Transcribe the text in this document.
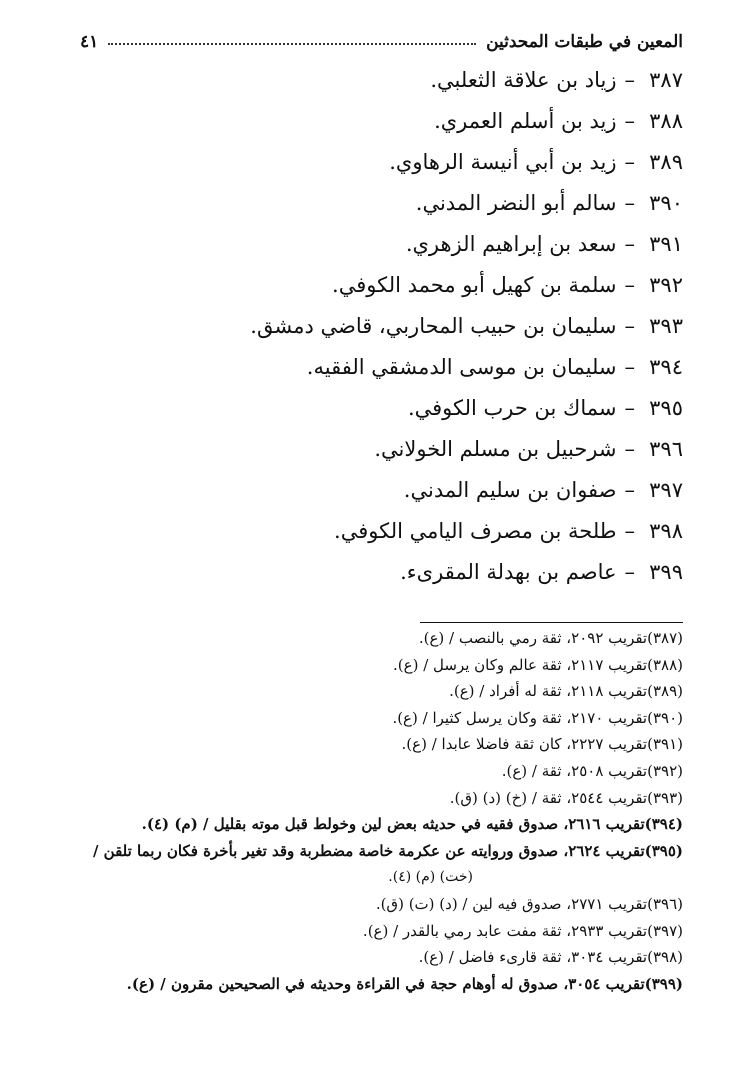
المعين في طبقات المحدثين
٤١
٣٨٧
–
زياد بن علاقة الثعلبي.
٣٨٨
–
زيد بن أسلم العمري.
٣٨٩
–
زيد بن أبي أنيسة الرهاوي.
٣٩٠
–
سالم أبو النضر المدني.
٣٩١
–
سعد بن إبراهيم الزهري.
٣٩٢
–
سلمة بن كهيل أبو محمد الكوفي.
٣٩٣
–
سليمان بن حبيب المحاربي، قاضي دمشق.
٣٩٤
–
سليمان بن موسى الدمشقي الفقيه.
٣٩٥
–
سماك بن حرب الكوفي.
٣٩٦
–
شرحبيل بن مسلم الخولاني.
٣٩٧
–
صفوان بن سليم المدني.
٣٩٨
–
طلحة بن مصرف اليامي الكوفي.
٣٩٩
–
عاصم بن بهدلة المقرىء.
(٣٨٧)تقريب ٢٠٩٢، ثقة رمي بالنصب / (ع).
(٣٨٨)تقريب ٢١١٧، ثقة عالم وكان يرسل / (ع).
(٣٨٩)تقريب ٢١١٨، ثقة له أفراد / (ع).
(٣٩٠)تقريب ٢١٧٠، ثقة وكان يرسل كثيرا / (ع).
(٣٩١)تقريب ٢٢٢٧، كان ثقة فاضلا عابدا / (ع).
(٣٩٢)تقريب ٢٥٠٨، ثقة / (ع).
(٣٩٣)تقريب ٢٥٤٤، ثقة / (خ) (د) (ق).
(٣٩٤)تقريب ٢٦١٦، صدوق فقيه في حديثه بعض لين وخولط قبل موته بقليل / (م) (٤).
(٣٩٥)تقريب ٢٦٢٤، صدوق وروايته عن عكرمة خاصة مضطربة وقد تغير بأخرة فكان ربما تلقن /
(خت) (م) (٤).
(٣٩٦)تقريب ٢٧٧١، صدوق فيه لين / (د) (ت) (ق).
(٣٩٧)تقريب ٢٩٣٣، ثقة مفت عابد رمي بالقدر / (ع).
(٣٩٨)تقريب ٣٠٣٤، ثقة قارىء فاضل / (ع).
(٣٩٩)تقريب ٣٠٥٤، صدوق له أوهام حجة في القراءة وحديثه في الصحيحين مقرون / (ع).
